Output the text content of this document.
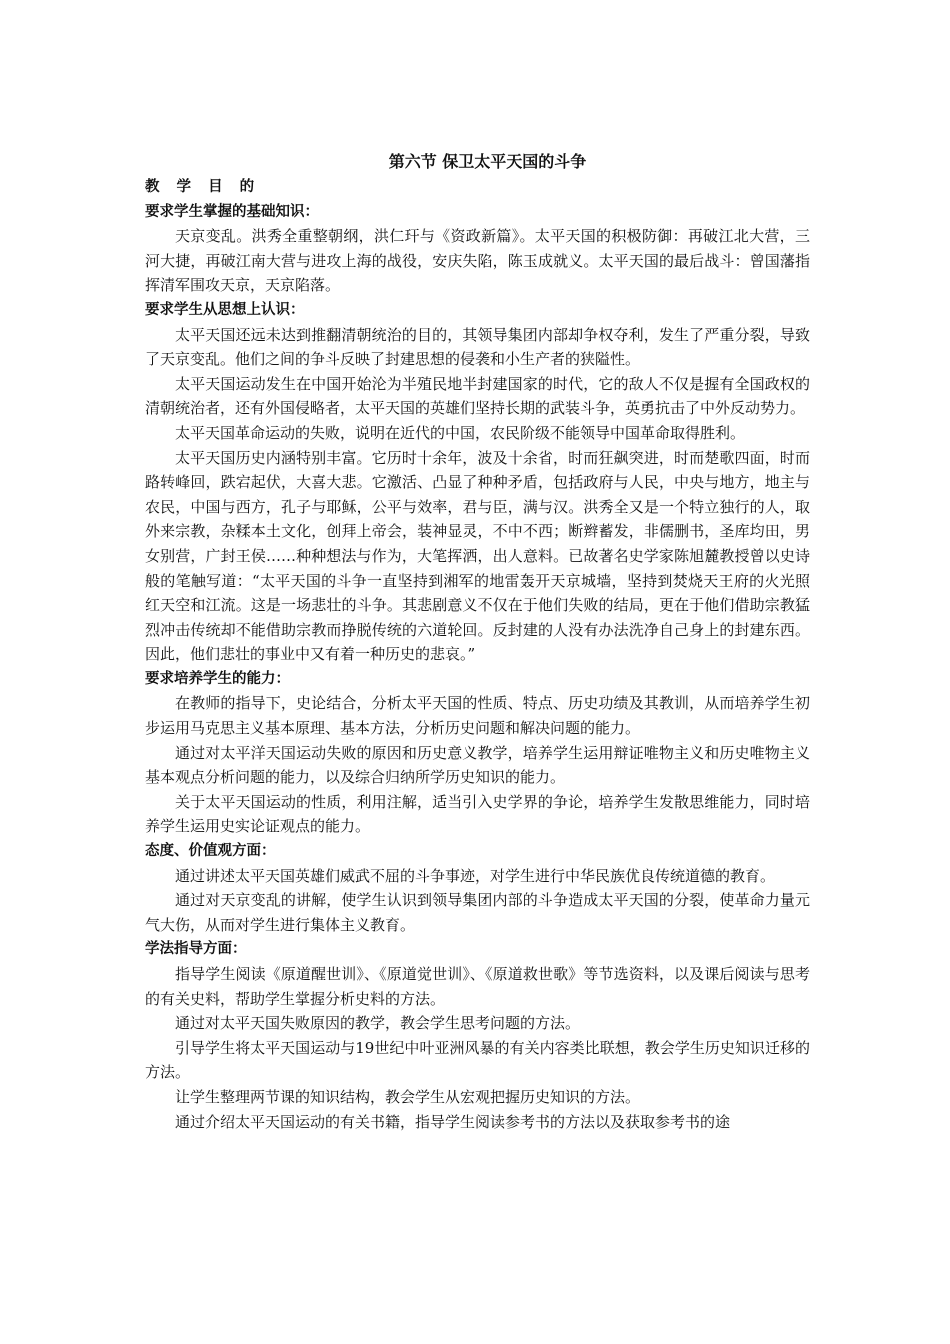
第六节 保卫太平天国的斗争
教 学 目 的
要求学生掌握的基础知识：

天京变乱。洪秀全重整朝纲，洪仁玕与《资政新篇》。太平天国的积极防御：再破江北大营，三河大捷，再破江南大营与进攻上海的战役，安庆失陷，陈玉成就义。太平天国的最后战斗：曾国藩指挥清军围攻天京，天京陷落。

要求学生从思想上认识：

太平天国还远未达到推翻清朝统治的目的，其领导集团内部却争权夺利，发生了严重分裂，导致了天京变乱。他们之间的争斗反映了封建思想的侵袭和小生产者的狭隘性。

太平天国运动发生在中国开始沦为半殖民地半封建国家的时代，它的敌人不仅是握有全国政权的清朝统治者，还有外国侵略者，太平天国的英雄们坚持长期的武装斗争，英勇抗击了中外反动势力。

太平天国革命运动的失败，说明在近代的中国，农民阶级不能领导中国革命取得胜利。

太平天国历史内涵特别丰富。它历时十余年，波及十余省，时而狂飙突进，时而楚歌四面，时而路转峰回，跌宕起伏，大喜大悲。它激活、凸显了种种矛盾，包括政府与人民，中央与地方，地主与农民，中国与西方，孔子与耶稣，公平与效率，君与臣，满与汉。洪秀全又是一个特立独行的人，取外来宗教，杂糅本土文化，创拜上帝会，装神显灵，不中不西；断辫蓄发，非儒删书，圣库均田，男女别营，广封王侯……种种想法与作为，大笔挥洒，出人意料。已故著名史学家陈旭麓教授曾以史诗般的笔触写道：“太平天国的斗争一直坚持到湘军的地雷轰开天京城墙，坚持到焚烧天王府的火光照红天空和江流。这是一场悲壮的斗争。其悲剧意义不仅在于他们失败的结局，更在于他们借助宗教猛烈冲击传统却不能借助宗教而挣脱传统的六道轮回。反封建的人没有办法洗净自己身上的封建东西。因此，他们悲壮的事业中又有着一种历史的悲哀。”

要求培养学生的能力：

在教师的指导下，史论结合，分析太平天国的性质、特点、历史功绩及其教训，从而培养学生初步运用马克思主义基本原理、基本方法，分析历史问题和解决问题的能力。

通过对太平洋天国运动失败的原因和历史意义教学，培养学生运用辩证唯物主义和历史唯物主义基本观点分析问题的能力，以及综合归纳所学历史知识的能力。

关于太平天国运动的性质，利用注解，适当引入史学界的争论，培养学生发散思维能力，同时培养学生运用史实论证观点的能力。

态度、价值观方面：

通过讲述太平天国英雄们威武不屈的斗争事迹，对学生进行中华民族优良传统道德的教育。

通过对天京变乱的讲解，使学生认识到领导集团内部的斗争造成太平天国的分裂，使革命力量元气大伤，从而对学生进行集体主义教育。

学法指导方面：

指导学生阅读《原道醒世训》、《原道觉世训》、《原道救世歌》等节选资料，以及课后阅读与思考的有关史料，帮助学生掌握分析史料的方法。

通过对太平天国失败原因的教学，教会学生思考问题的方法。

引导学生将太平天国运动与19世纪中叶亚洲风暴的有关内容类比联想，教会学生历史知识迁移的方法。

让学生整理两节课的知识结构，教会学生从宏观把握历史知识的方法。

通过介绍太平天国运动的有关书籍，指导学生阅读参考书的方法以及获取参考书的途
